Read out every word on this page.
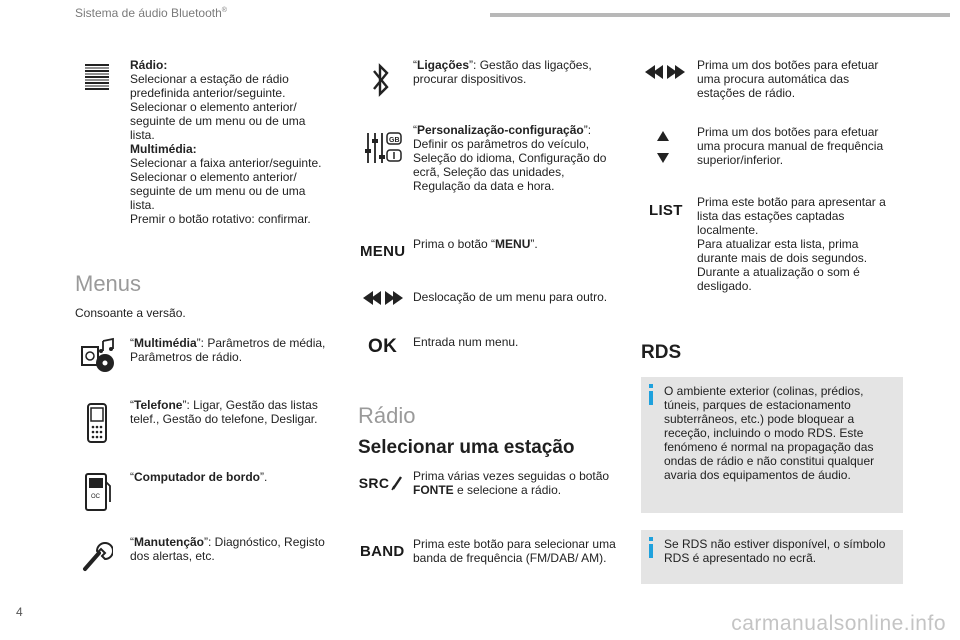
Sistema de áudio Bluetooth®
Rádio:
Selecionar a estação de rádio predefinida anterior/seguinte.
Selecionar o elemento anterior/ seguinte de um menu ou de uma lista.
Multimédia:
Selecionar a faixa anterior/seguinte.
Selecionar o elemento anterior/ seguinte de um menu ou de uma lista.
Premir o botão rotativo: confirmar.
Menus
Consoante a versão.
“Multimédia”: Parâmetros de média, Parâmetros de rádio.
“Telefone”: Ligar, Gestão das listas telef., Gestão do telefone, Desligar.
OC
“Computador de bordo”.
“Manutenção”: Diagnóstico, Registo dos alertas, etc.
“Ligações”: Gestão das ligações, procurar dispositivos.
GB
“Personalização-configuração”: Definir os parâmetros do veículo, Seleção do idioma, Configuração do ecrã, Seleção das unidades, Regulação da data e hora.
MENU Prima o botão “MENU”.
Deslocação de um menu para outro.
OK Entrada num menu.
Rádio
Selecionar uma estação
SRC Prima várias vezes seguidas o botão FONTE e selecione a rádio.
BAND Prima este botão para selecionar uma banda de frequência (FM/DAB/ AM).
Prima um dos botões para efetuar uma procura automática das estações de rádio.
Prima um dos botões para efetuar uma procura manual de frequência superior/inferior.
LIST Prima este botão para apresentar a lista das estações captadas localmente.
Para atualizar esta lista, prima durante mais de dois segundos. Durante a atualização o som é desligado.
RDS
O ambiente exterior (colinas, prédios, túneis, parques de estacionamento subterrâneos, etc.) pode bloquear a receção, incluindo o modo RDS. Este fenómeno é normal na propagação das ondas de rádio e não constitui qualquer avaria dos equipamentos de áudio.
Se RDS não estiver disponível, o símbolo RDS é apresentado no ecrã.
4	carmanualsonline.info
